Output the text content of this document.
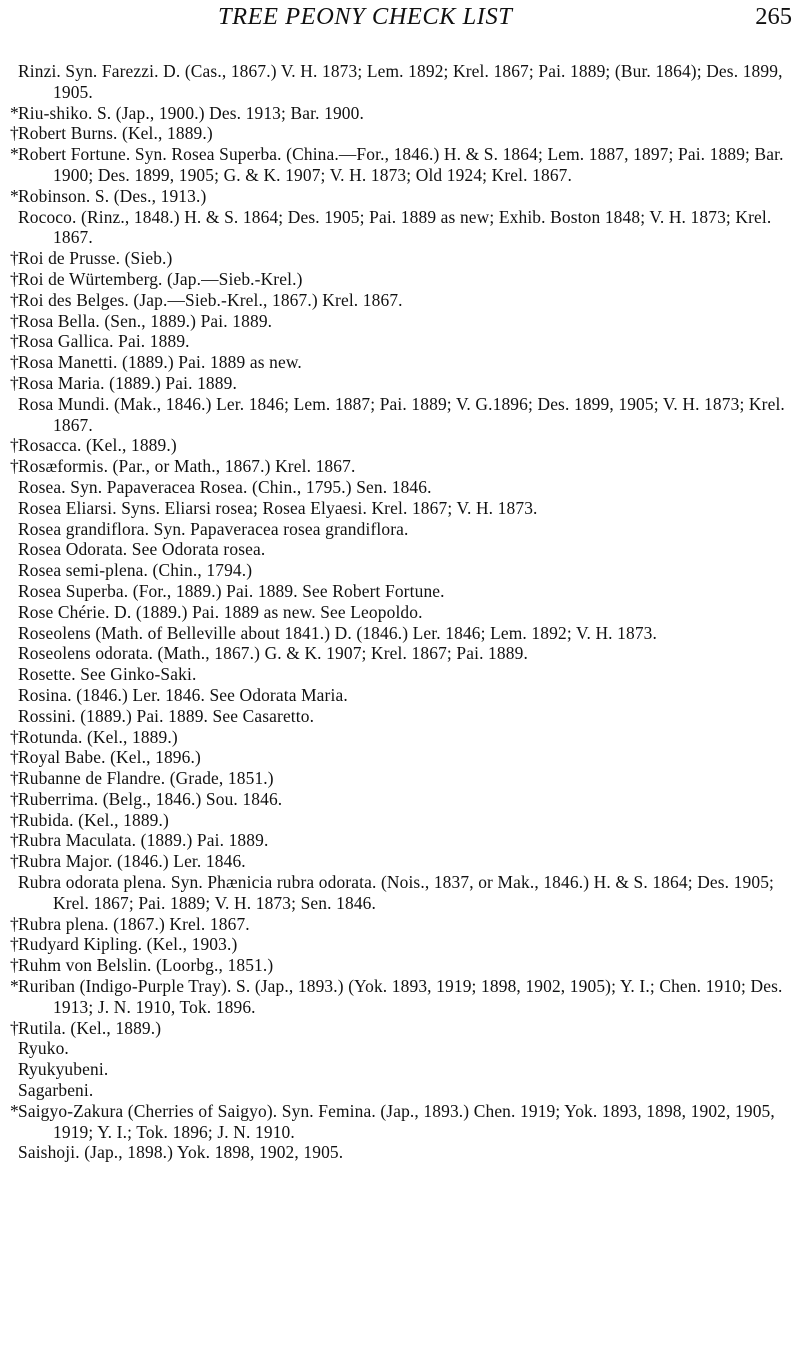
TREE PEONY CHECK LIST	265

Rinzi. Syn. Farezzi. D. (Cas., 1867.) V. H. 1873; Lem. 1892; Krel. 1867; Pai. 1889; (Bur. 1864); Des. 1899, 1905.

*Riu-shiko. S. (Jap., 1900.) Des. 1913; Bar. 1900.

†Robert Burns. (Kel., 1889.)

*Robert Fortune. Syn. Rosea Superba. (China.—For., 1846.) H. & S. 1864; Lem. 1887, 1897; Pai. 1889; Bar. 1900; Des. 1899, 1905; G. & K. 1907; V. H. 1873; Old 1924; Krel. 1867.

*Robinson. S. (Des., 1913.)

Rococo. (Rinz., 1848.) H. & S. 1864; Des. 1905; Pai. 1889 as new; Exhib. Boston 1848; V. H. 1873; Krel. 1867.

†Roi de Prusse. (Sieb.)

†Roi de Würtemberg. (Jap.—Sieb.-Krel.)

†Roi des Belges. (Jap.—Sieb.-Krel., 1867.) Krel. 1867.

†Rosa Bella. (Sen., 1889.) Pai. 1889.

†Rosa Gallica. Pai. 1889.

†Rosa Manetti. (1889.) Pai. 1889 as new.

†Rosa Maria. (1889.) Pai. 1889.

Rosa Mundi. (Mak., 1846.) Ler. 1846; Lem. 1887; Pai. 1889; V. G.1896; Des. 1899, 1905; V. H. 1873; Krel. 1867.

†Rosacca. (Kel., 1889.)

†Rosæformis. (Par., or Math., 1867.) Krel. 1867.

Rosea. Syn. Papaveracea Rosea. (Chin., 1795.) Sen. 1846.

Rosea Eliarsi. Syns. Eliarsi rosea; Rosea Elyaesi. Krel. 1867; V. H. 1873.

Rosea grandiflora. Syn. Papaveracea rosea grandiflora.

Rosea Odorata. See Odorata rosea.

Rosea semi-plena. (Chin., 1794.)

Rosea Superba. (For., 1889.) Pai. 1889. See Robert Fortune.

Rose Chérie. D. (1889.) Pai. 1889 as new. See Leopoldo.

Roseolens (Math. of Belleville about 1841.) D. (1846.) Ler. 1846; Lem. 1892; V. H. 1873.

Roseolens odorata. (Math., 1867.) G. & K. 1907; Krel. 1867; Pai. 1889.

Rosette. See Ginko-Saki.

Rosina. (1846.) Ler. 1846. See Odorata Maria.

Rossini. (1889.) Pai. 1889. See Casaretto.

†Rotunda. (Kel., 1889.)

†Royal Babe. (Kel., 1896.)

†Rubanne de Flandre. (Grade, 1851.)

†Ruberrima. (Belg., 1846.) Sou. 1846.

†Rubida. (Kel., 1889.)

†Rubra Maculata. (1889.) Pai. 1889.

†Rubra Major. (1846.) Ler. 1846.

Rubra odorata plena. Syn. Phænicia rubra odorata. (Nois., 1837, or Mak., 1846.) H. & S. 1864; Des. 1905; Krel. 1867; Pai. 1889; V. H. 1873; Sen. 1846.

†Rubra plena. (1867.) Krel. 1867.

†Rudyard Kipling. (Kel., 1903.)

†Ruhm von Belslin. (Loorbg., 1851.)

*Ruriban (Indigo-Purple Tray). S. (Jap., 1893.) (Yok. 1893, 1919; 1898, 1902, 1905); Y. I.; Chen. 1910; Des. 1913; J. N. 1910, Tok. 1896.

†Rutila. (Kel., 1889.)

Ryuko.

Ryukyubeni.

Sagarbeni.

*Saigyo-Zakura (Cherries of Saigyo). Syn. Femina. (Jap., 1893.) Chen. 1919; Yok. 1893, 1898, 1902, 1905, 1919; Y. I.; Tok. 1896; J. N. 1910.

Saishoji. (Jap., 1898.) Yok. 1898, 1902, 1905.
